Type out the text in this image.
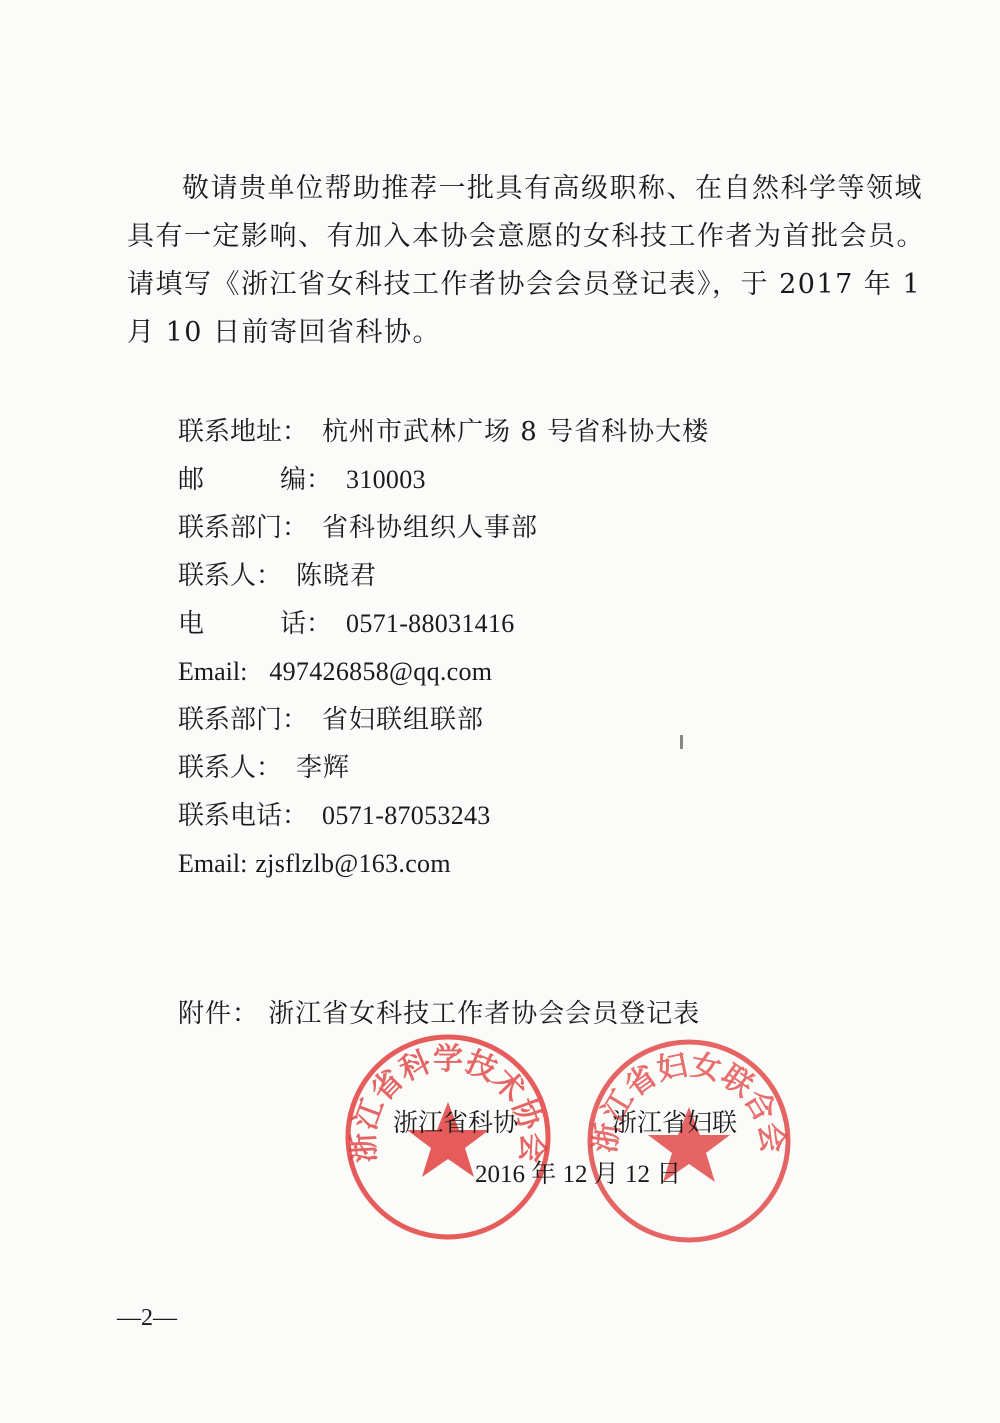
敬请贵单位帮助推荐一批具有高级职称、在自然科学等领域
具有一定影响、有加入本协会意愿的女科技工作者为首批会员。
请填写《浙江省女科技工作者协会会员登记表》，于 2017 年 1
月 10 日前寄回省科协。
联系地址 ： 杭州市武林广场 8 号省科协大楼
邮	编 ： 310003
联系部门 ： 省科协组织人事部
联系人 ： 陈晓君
电	话 ： 0571-88031416
Email: 497426858@qq.com
联系部门 ： 省妇联组联部
联系人 ： 李辉
联系电话 ： 0571-87053243
Email: zjsflzlb@163.com
附件： 浙江省女科技工作者协会会员登记表
浙江省科学技术协会 浙江省妇女联合会
浙江省科协	浙江省妇联
2016 年 12 月 12 日
—2—
